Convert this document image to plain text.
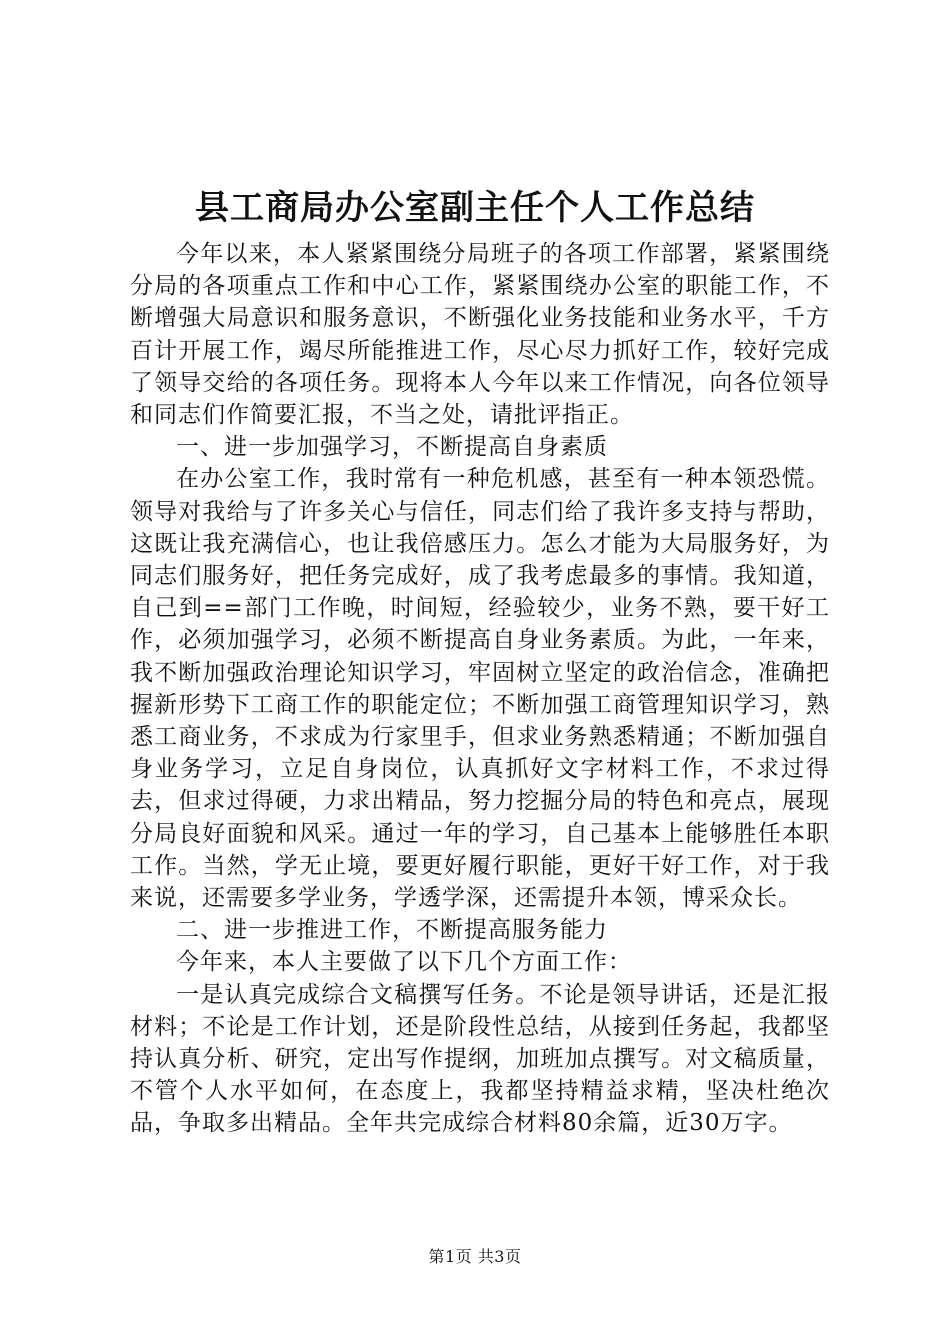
县工商局办公室副主任个人工作总结

今年以来，本人紧紧围绕分局班子的各项工作部署，紧紧围绕分局的各项重点工作和中心工作，紧紧围绕办公室的职能工作，不断增强大局意识和服务意识，不断强化业务技能和业务水平，千方百计开展工作，竭尽所能推进工作，尽心尽力抓好工作，较好完成了领导交给的各项任务。现将本人今年以来工作情况，向各位领导和同志们作简要汇报，不当之处，请批评指正。

一、进一步加强学习，不断提高自身素质

在办公室工作，我时常有一种危机感，甚至有一种本领恐慌。领导对我给与了许多关心与信任，同志们给了我许多支持与帮助，这既让我充满信心，也让我倍感压力。怎么才能为大局服务好，为同志们服务好，把任务完成好，成了我考虑最多的事情。我知道，自己到==部门工作晚，时间短，经验较少，业务不熟，要干好工作，必须加强学习，必须不断提高自身业务素质。为此，一年来，我不断加强政治理论知识学习，牢固树立坚定的政治信念，准确把握新形势下工商工作的职能定位；不断加强工商管理知识学习，熟悉工商业务，不求成为行家里手，但求业务熟悉精通；不断加强自身业务学习，立足自身岗位，认真抓好文字材料工作，不求过得去，但求过得硬，力求出精品，努力挖掘分局的特色和亮点，展现分局良好面貌和风采。通过一年的学习，自己基本上能够胜任本职工作。当然，学无止境，要更好履行职能，更好干好工作，对于我来说，还需要多学业务，学透学深，还需提升本领，博采众长。

二、进一步推进工作，不断提高服务能力

今年来，本人主要做了以下几个方面工作：

一是认真完成综合文稿撰写任务。不论是领导讲话，还是汇报材料；不论是工作计划，还是阶段性总结，从接到任务起，我都坚持认真分析、研究，定出写作提纲，加班加点撰写。对文稿质量，不管个人水平如何，在态度上，我都坚持精益求精，坚决杜绝次品，争取多出精品。全年共完成综合材料80余篇，近30万字。

第1页 共3页
